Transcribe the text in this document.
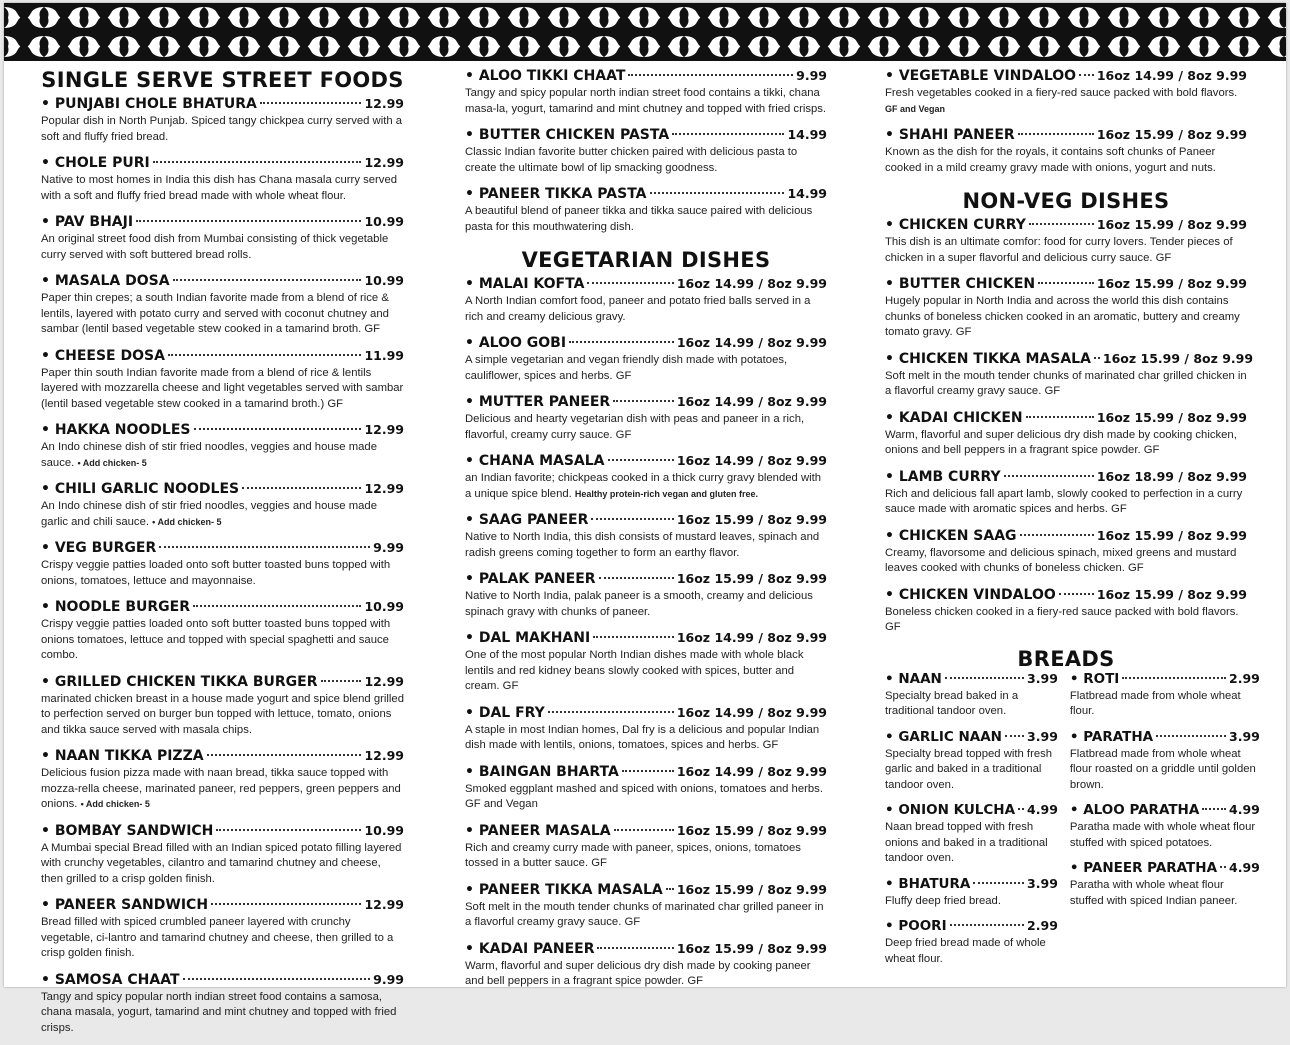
SINGLE SERVE STREET FOODS
• PUNJABI CHOLE BHATURA	12.99
Popular dish in North Punjab. Spiced tangy chickpea curry served with a soft and fluffy fried bread.
• CHOLE PURI	12.99
Native to most homes in India this dish has Chana masala curry served with a soft and fluffy fried bread made with whole wheat flour.
• PAV BHAJI	10.99
An original street food dish from Mumbai consisting of thick vegetable curry served with soft buttered bread rolls.
• MASALA DOSA	10.99
Paper thin crepes; a south Indian favorite made from a blend of rice & lentils, layered with potato curry and served with coconut chutney and sambar (lentil based vegetable stew cooked in a tamarind broth. GF
• CHEESE DOSA	11.99
Paper thin south Indian favorite made from a blend of rice & lentils layered with mozzarella cheese and light vegetables served with sambar (lentil based vegetable stew cooked in a tamarind broth.) GF
• HAKKA NOODLES	12.99
An Indo chinese dish of stir fried noodles, veggies and house made sauce. • Add chicken- 5
• CHILI GARLIC NOODLES	12.99
An Indo chinese dish of stir fried noodles, veggies and house made garlic and chili sauce. • Add chicken- 5
• VEG BURGER	9.99
Crispy veggie patties loaded onto soft butter toasted buns topped with onions, tomatoes, lettuce and mayonnaise.
• NOODLE BURGER	10.99
Crispy veggie patties loaded onto soft butter toasted buns topped with onions tomatoes, lettuce and topped with special spaghetti and sauce combo.
• GRILLED CHICKEN TIKKA BURGER	12.99
marinated chicken breast in a house made yogurt and spice blend grilled to perfection served on burger bun topped with lettuce, tomato, onions and tikka sauce served with masala chips.
• NAAN TIKKA PIZZA	12.99
Delicious fusion pizza made with naan bread, tikka sauce topped with mozza-rella cheese, marinated paneer, red peppers, green peppers and onions. • Add chicken- 5
• BOMBAY SANDWICH	10.99
A Mumbai special Bread filled with an Indian spiced potato filling layered with crunchy vegetables, cilantro and tamarind chutney and cheese, then grilled to a crisp golden finish.
• PANEER SANDWICH	12.99
Bread filled with spiced crumbled paneer layered with crunchy vegetable, ci-lantro and tamarind chutney and cheese, then grilled to a crisp golden finish.
• SAMOSA CHAAT	9.99
Tangy and spicy popular north indian street food contains a samosa, chana masala, yogurt, tamarind and mint chutney and topped with fried crisps.
• ALOO TIKKI CHAAT	9.99
Tangy and spicy popular north indian street food contains a tikki, chana masa-la, yogurt, tamarind and mint chutney and topped with fried crisps.
• BUTTER CHICKEN PASTA	14.99
Classic Indian favorite butter chicken paired with delicious pasta to create the ultimate bowl of lip smacking goodness.
• PANEER TIKKA PASTA	14.99
A beautiful blend of paneer tikka and tikka sauce paired with delicious pasta for this mouthwatering dish.
VEGETARIAN DISHES
• MALAI KOFTA	16oz 14.99 / 8oz 9.99
A North Indian comfort food, paneer and potato fried balls served in a rich and creamy delicious gravy.
• ALOO GOBI	16oz 14.99 / 8oz 9.99
A simple vegetarian and vegan friendly dish made with potatoes, cauliflower, spices and herbs. GF
• MUTTER PANEER	16oz 14.99 / 8oz 9.99
Delicious and hearty vegetarian dish with peas and paneer in a rich, flavorful, creamy curry sauce. GF
• CHANA MASALA	16oz 14.99 / 8oz 9.99
an Indian favorite; chickpeas cooked in a thick curry gravy blended with a unique spice blend. Healthy protein-rich vegan and gluten free.
• SAAG PANEER	16oz 15.99 / 8oz 9.99
Native to North India, this dish consists of mustard leaves, spinach and radish greens coming together to form an earthy flavor.
• PALAK PANEER	16oz 15.99 / 8oz 9.99
Native to North India, palak paneer is a smooth, creamy and delicious spinach gravy with chunks of paneer.
• DAL MAKHANI	16oz 14.99 / 8oz 9.99
One of the most popular North Indian dishes made with whole black lentils and red kidney beans slowly cooked with spices, butter and cream. GF
• DAL FRY	16oz 14.99 / 8oz 9.99
A staple in most Indian homes, Dal fry is a delicious and popular Indian dish made with lentils, onions, tomatoes, spices and herbs. GF
• BAINGAN BHARTA	16oz 14.99 / 8oz 9.99
Smoked eggplant mashed and spiced with onions, tomatoes and herbs. GF and Vegan
• PANEER MASALA	16oz 15.99 / 8oz 9.99
Rich and creamy curry made with paneer, spices, onions, tomatoes tossed in a butter sauce. GF
• PANEER TIKKA MASALA 16oz 15.99 / 8oz 9.99
Soft melt in the mouth tender chunks of marinated char grilled paneer in a flavorful creamy gravy sauce. GF
• KADAI PANEER	16oz 15.99 / 8oz 9.99
Warm, flavorful and super delicious dry dish made by cooking paneer and bell peppers in a fragrant spice powder. GF
• VEGETABLE VINDALOO 16oz 14.99 / 8oz 9.99
Fresh vegetables cooked in a fiery-red sauce packed with bold flavors. GF and Vegan
• SHAHI PANEER	16oz 15.99 / 8oz 9.99
Known as the dish for the royals, it contains soft chunks of Paneer cooked in a mild creamy gravy made with onions, yogurt and nuts.
NON-VEG DISHES
• CHICKEN CURRY	16oz 15.99 / 8oz 9.99
This dish is an ultimate comfor: food for curry lovers. Tender pieces of chicken in a super flavorful and delicious curry sauce. GF
• BUTTER CHICKEN	16oz 15.99 / 8oz 9.99
Hugely popular in North India and across the world this dish contains chunks of boneless chicken cooked in an aromatic, buttery and creamy tomato gravy. GF
• CHICKEN TIKKA MASALA 16oz 15.99 / 8oz 9.99
Soft melt in the mouth tender chunks of marinated char grilled chicken in a flavorful creamy gravy sauce. GF
• KADAI CHICKEN	16oz 15.99 / 8oz 9.99
Warm, flavorful and super delicious dry dish made by cooking chicken, onions and bell peppers in a fragrant spice powder. GF
• LAMB CURRY	16oz 18.99 / 8oz 9.99
Rich and delicious fall apart lamb, slowly cooked to perfection in a curry sauce made with aromatic spices and herbs. GF
• CHICKEN SAAG	16oz 15.99 / 8oz 9.99
Creamy, flavorsome and delicious spinach, mixed greens and mustard leaves cooked with chunks of boneless chicken. GF
• CHICKEN VINDALOO	16oz 15.99 / 8oz 9.99
Boneless chicken cooked in a fiery-red sauce packed with bold flavors. GF
BREADS
• NAAN	3.99
Specialty bread baked in a traditional tandoor oven.
• GARLIC NAAN 3.99
Specialty bread topped with fresh garlic and baked in a traditional tandoor oven.
• ONION KULCHA 4.99
Naan bread topped with fresh onions and baked in a traditional tandoor oven.
• BHATURA	3.99
Fluffy deep fried bread.
• POORI	2.99
Deep fried bread made of whole wheat flour.
• ROTI	2.99
Flatbread made from whole wheat flour.
• PARATHA	3.99
Flatbread made from whole wheat flour roasted on a griddle until golden brown.
• ALOO PARATHA 4.99
Paratha made with whole wheat flour stuffed with spiced potatoes.
• PANEER PARATHA 4.99
Paratha with whole wheat flour stuffed with spiced Indian paneer.
